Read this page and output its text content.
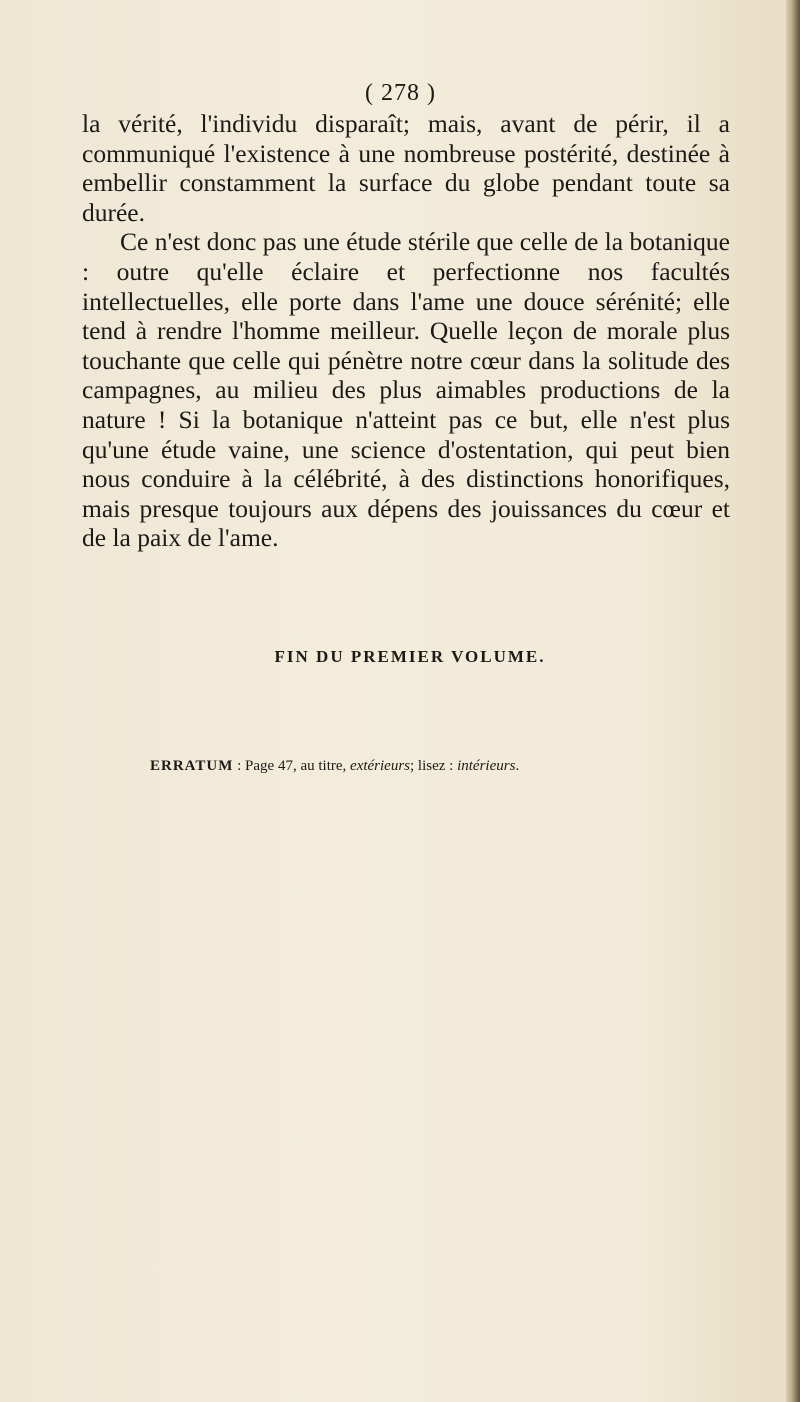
( 278 )

la vérité, l'individu disparaît; mais, avant de périr, il a communiqué l'existence à une nombreuse postérité, destinée à embellir constamment la surface du globe pendant toute sa durée.

Ce n'est donc pas une étude stérile que celle de la botanique : outre qu'elle éclaire et perfectionne nos facultés intellectuelles, elle porte dans l'ame une douce sérénité; elle tend à rendre l'homme meilleur. Quelle leçon de morale plus touchante que celle qui pénètre notre cœur dans la solitude des campagnes, au milieu des plus aimables productions de la nature ! Si la botanique n'atteint pas ce but, elle n'est plus qu'une étude vaine, une science d'ostentation, qui peut bien nous conduire à la célébrité, à des distinctions honorifiques, mais presque toujours aux dépens des jouissances du cœur et de la paix de l'ame.

FIN DU PREMIER VOLUME.
ERRATUM : Page 47, au titre, extérieurs; lisez : intérieurs.
